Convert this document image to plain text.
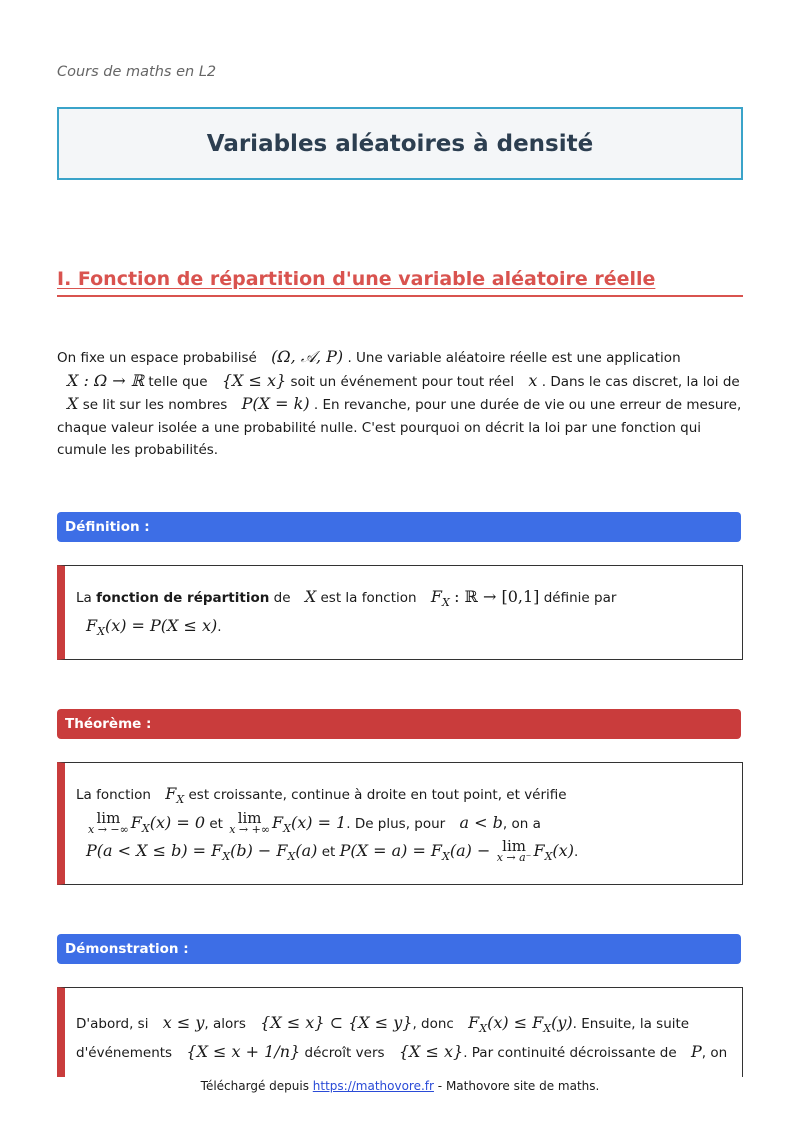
Cours de maths en L2
Variables aléatoires à densité
I. Fonction de répartition d'une variable aléatoire réelle
On fixe un espace probabilisé (Ω, 𝒜, P) . Une variable aléatoire réelle est une application
X : Ω → ℝ telle que {X ≤ x} soit un événement pour tout réel x . Dans le cas discret, la loi de
X se lit sur les nombres P(X = k) . En revanche, pour une durée de vie ou une erreur de mesure, chaque valeur isolée a une probabilité nulle. C'est pourquoi on décrit la loi par une fonction qui cumule les probabilités.
Définition :
La fonction de répartition de X est la fonction $F_X$ : ℝ → [0,1] définie par
$F_X(x) = P(X \le x)$.
Théorème :
La fonction $F_X$ est croissante, continue à droite en tout point, et vérifie

lim
x → −∞ $F_X(x) = 0$ et lim
x → +∞ $F_X(x) = 1$. De plus, pour a < b, on a
$P(a < X \le b) = F_X(b) - F_X(a)$ et $P(X = a) = F_X(a) - \lim$
x → a⁻ $F_X(x)$.
Démonstration :
D'abord, si x ≤ y, alors {X ≤ x} ⊂ {X ≤ y}, donc $F_X(x) \le F_X(y)$. Ensuite, la suite d'événements {X ≤ x + 1/n} décroît vers {X ≤ x}. Par continuité décroissante de P, on
Téléchargé depuis https://mathovore.fr - Mathovore site de maths.
